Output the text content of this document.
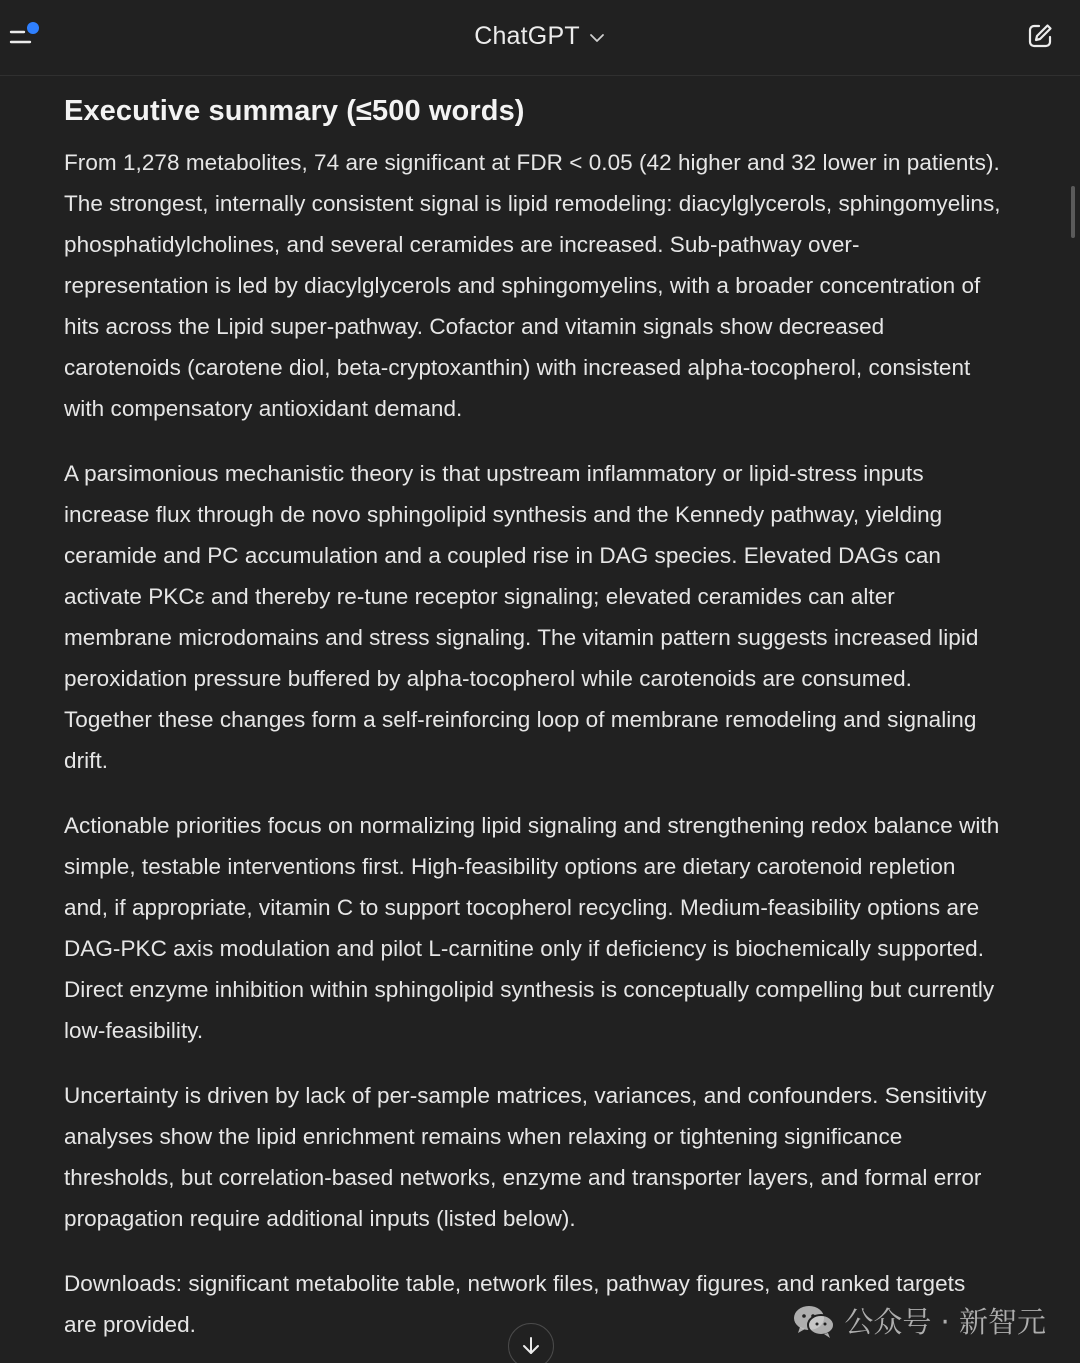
ChatGPT
Executive summary (≤500 words)

From 1,278 metabolites, 74 are significant at FDR < 0.05 (42 higher and 32 lower in patients). The strongest, internally consistent signal is lipid remodeling: diacylglycerols, sphingomyelins, phosphatidylcholines, and several ceramides are increased. Sub-pathway over-representation is led by diacylglycerols and sphingomyelins, with a broader concentration of hits across the Lipid super-pathway. Cofactor and vitamin signals show decreased carotenoids (carotene diol, beta-cryptoxanthin) with increased alpha-tocopherol, consistent with compensatory antioxidant demand.

A parsimonious mechanistic theory is that upstream inflammatory or lipid-stress inputs increase flux through de novo sphingolipid synthesis and the Kennedy pathway, yielding ceramide and PC accumulation and a coupled rise in DAG species. Elevated DAGs can activate PKCε and thereby re-tune receptor signaling; elevated ceramides can alter membrane microdomains and stress signaling. The vitamin pattern suggests increased lipid peroxidation pressure buffered by alpha-tocopherol while carotenoids are consumed. Together these changes form a self-reinforcing loop of membrane remodeling and signaling drift.

Actionable priorities focus on normalizing lipid signaling and strengthening redox balance with simple, testable interventions first. High-feasibility options are dietary carotenoid repletion and, if appropriate, vitamin C to support tocopherol recycling. Medium-feasibility options are DAG-PKC axis modulation and pilot L-carnitine only if deficiency is biochemically supported. Direct enzyme inhibition within sphingolipid synthesis is conceptually compelling but currently low-feasibility.

Uncertainty is driven by lack of per-sample matrices, variances, and confounders. Sensitivity analyses show the lipid enrichment remains when relaxing or tightening significance thresholds, but correlation-based networks, enzyme and transporter layers, and formal error propagation require additional inputs (listed below).

Downloads: significant metabolite table, network files, pathway figures, and ranked targets are provided.	公众号 · 新智元
